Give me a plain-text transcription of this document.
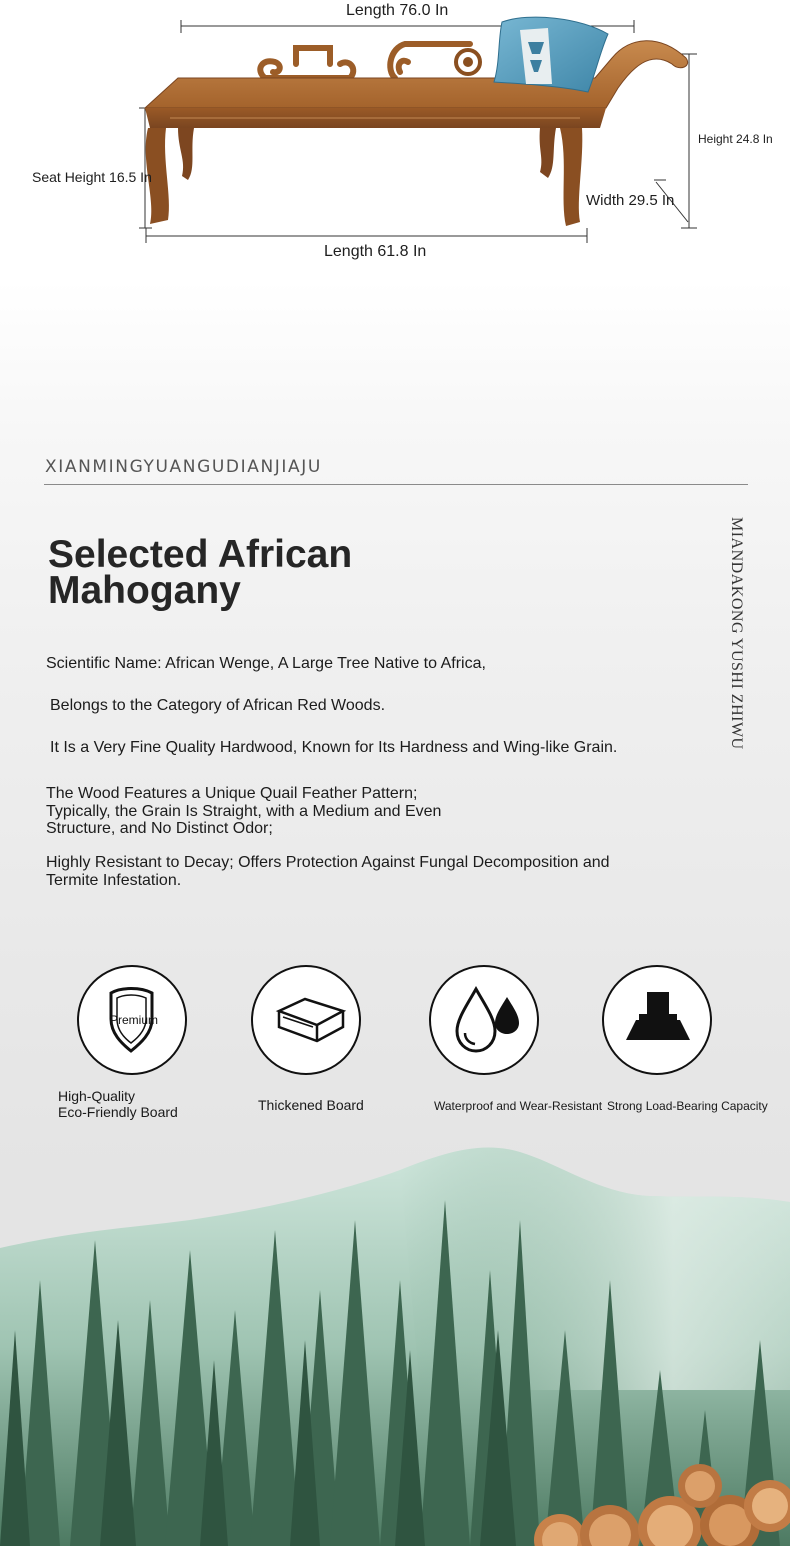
Length 76.0 In
Length 61.8 In
Seat Height 16.5 In
Height 24.8 In
Width 29.5 In
XIANMINGYUANGUDIANJIAJU
MIANDAKONG YUSHI ZHIWU
Selected African
Mahogany

Scientific Name: African Wenge, A Large Tree Native to Africa,

Belongs to the Category of African Red Woods.

It Is a Very Fine Quality Hardwood, Known for Its Hardness and Wing-like Grain.

The Wood Features a Unique Quail Feather Pattern; Typically, the Grain Is Straight, with a Medium and Even Structure, and No Distinct Odor;

Highly Resistant to Decay; Offers Protection Against Fungal Decomposition and Termite Infestation.

Premium
High-Quality
Eco-Friendly Board	Thickened Board	Waterproof and Wear-Resistant Strong Load-Bearing Capacity
